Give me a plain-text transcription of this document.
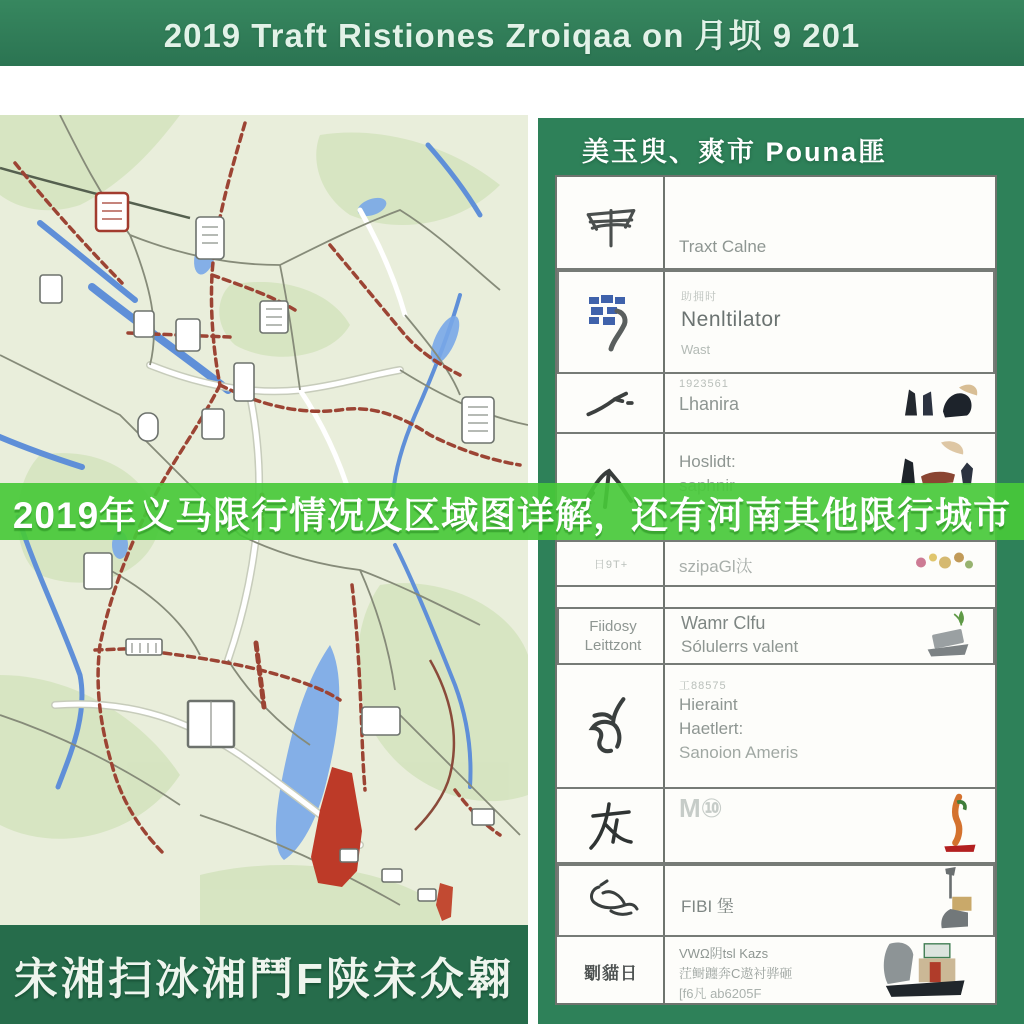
2019 Traft Ristiones Zroiqaa on 月坝 9 201
宋湘扫冰湘鬥F陕宋众翱
美玉臾、爽市 Pouna匪
Traxt Calne
助拥时
Nenltilator
Wast
1923561
Lhanira
Hoslidt:
日9T+	szipaGl汰
Fiidosy Leittzont
Wamr Clfu
Sólulerrs valent
工88575
Hieraint
Haetlert:
Sanoion Ameris
M⑩
FIBI 堡
劅貓日
VWΩ阴tsl Kazs
茳鲥躔奔C遨衬骅砸
[f6凡 ab6205F
2019年义马限行情况及区域图详解，还有河南其他限行城市
